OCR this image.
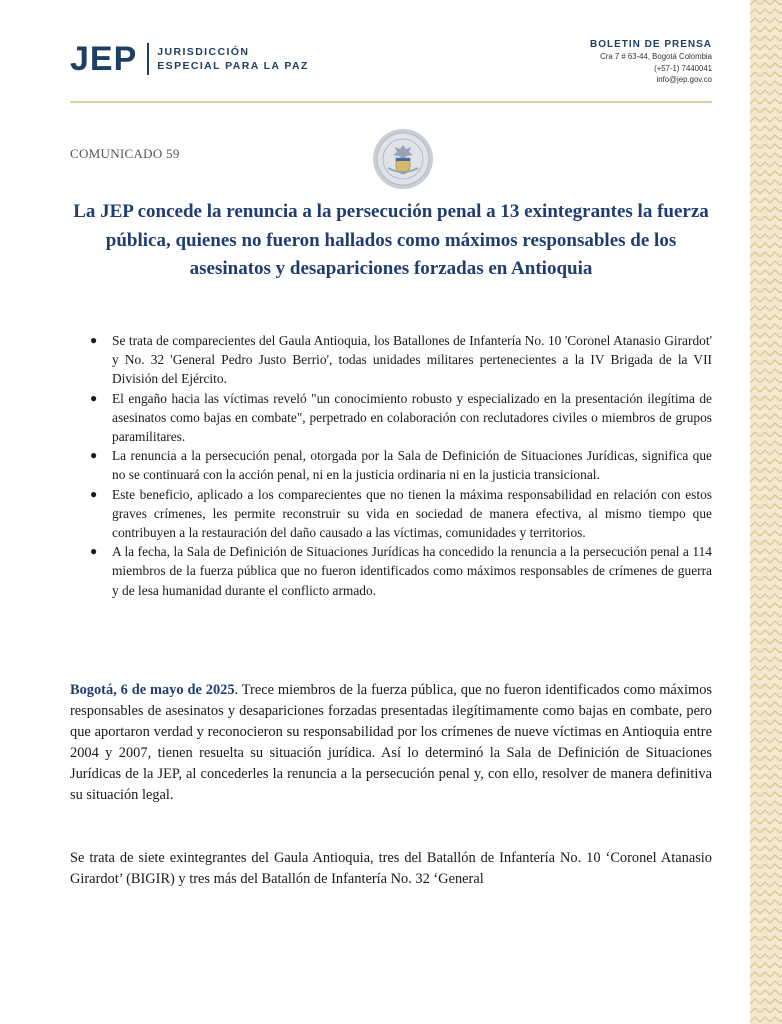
JEP JURISDICCIÓN
ESPECIAL PARA LA PAZ
BOLETIN DE PRENSA
Cra 7 # 63-44, Bogotá Colombia
(+57-1) 7440041
info@jep.gov.co
COMUNICADO 59
La JEP concede la renuncia a la persecución penal a 13 exintegrantes la fuerza pública, quienes no fueron hallados como máximos responsables de los asesinatos y desapariciones forzadas en Antioquia
●	Se trata de comparecientes del Gaula Antioquia, los Batallones de Infantería No. 10 'Coronel Atanasio Girardot' y No. 32 'General Pedro Justo Berrio', todas unidades militares pertenecientes a la IV Brigada de la VII División del Ejército.
●	El engaño hacia las víctimas reveló "un conocimiento robusto y especializado en la presentación ilegítima de asesinatos como bajas en combate", perpetrado en colaboración con reclutadores civiles o miembros de grupos paramilitares.
●	La renuncia a la persecución penal, otorgada por la Sala de Definición de Situaciones Jurídicas, significa que no se continuará con la acción penal, ni en la justicia ordinaria ni en la justicia transicional.
●	Este beneficio, aplicado a los comparecientes que no tienen la máxima responsabilidad en relación con estos graves crímenes, les permite reconstruir su vida en sociedad de manera efectiva, al mismo tiempo que contribuyen a la restauración del daño causado a las víctimas, comunidades y territorios.
●	A la fecha, la Sala de Definición de Situaciones Jurídicas ha concedido la renuncia a la persecución penal a 114 miembros de la fuerza pública que no fueron identificados como máximos responsables de crímenes de guerra y de lesa humanidad durante el conflicto armado.
Bogotá, 6 de mayo de 2025. Trece miembros de la fuerza pública, que no fueron identificados como máximos responsables de asesinatos y desapariciones forzadas presentadas ilegítimamente como bajas en combate, pero que aportaron verdad y reconocieron su responsabilidad por los crímenes de nueve víctimas en Antioquia entre 2004 y 2007, tienen resuelta su situación jurídica. Así lo determinó la Sala de Definición de Situaciones Jurídicas de la JEP, al concederles la renuncia a la persecución penal y, con ello, resolver de manera definitiva su situación legal.
Se trata de siete exintegrantes del Gaula Antioquia, tres del Batallón de Infantería No. 10 ‘Coronel Atanasio Girardot’ (BIGIR) y tres más del Batallón de Infantería No. 32 ‘General
